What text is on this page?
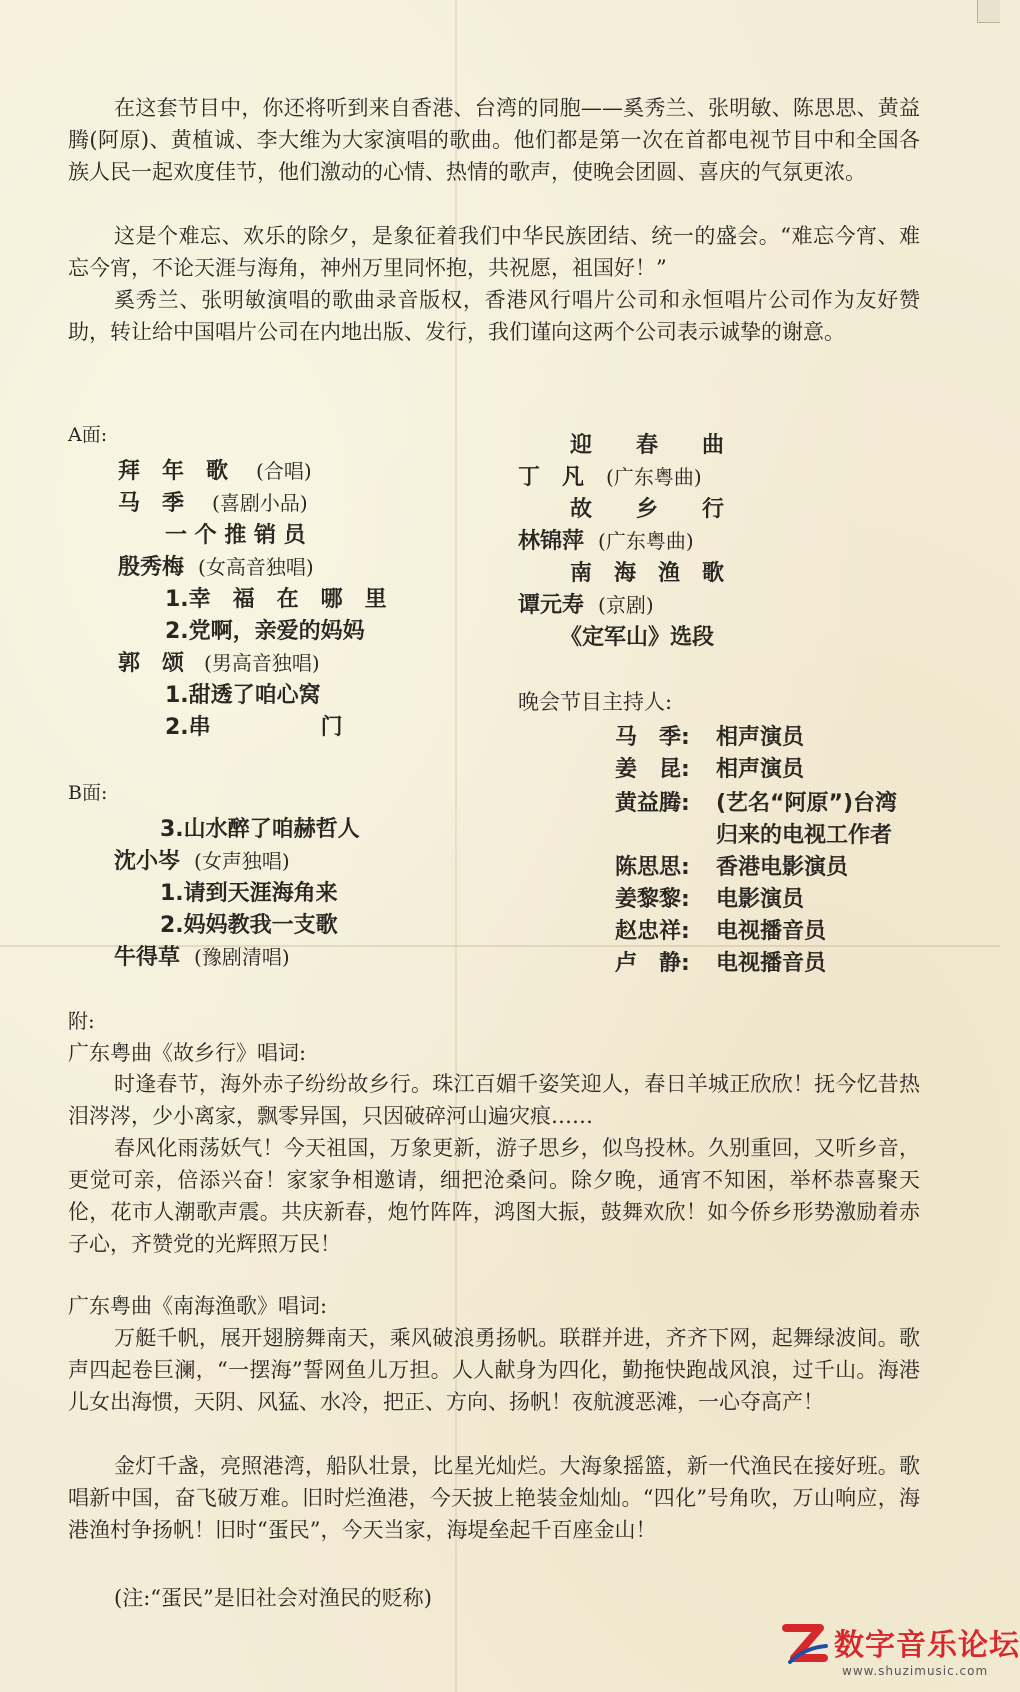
在这套节目中，你还将听到来自香港、台湾的同胞——奚秀兰、张明敏、陈思思、黄益腾(阿原)、黄植诚、李大维为大家演唱的歌曲。他们都是第一次在首都电视节目中和全国各族人民一起欢度佳节，他们激动的心情、热情的歌声，使晚会团圆、喜庆的气氛更浓。

这是个难忘、欢乐的除夕，是象征着我们中华民族团结、统一的盛会。“难忘今宵、难忘今宵，不论天涯与海角，神州万里同怀抱，共祝愿，祖国好！”

奚秀兰、张明敏演唱的歌曲录音版权，香港风行唱片公司和永恒唱片公司作为友好赞助，转让给中国唱片公司在内地出版、发行，我们谨向这两个公司表示诚挚的谢意。

A面:

拜　年　歌 (合唱)

马　季 (喜剧小品)

一 个 推 销 员

殷秀梅 (女高音独唱)

1.幸　福　在　哪　里

2.党啊，亲爱的妈妈

郭　颂 (男高音独唱)

1.甜透了咱心窝

2.串　　　　　门

迎　　春　　曲

丁　凡 (广东粤曲)

故　　乡　　行

林锦萍 (广东粤曲)

南　海　渔　歌

谭元寿 (京剧)

《定军山》选段

晚会节目主持人:

马　季: 相声演员

姜　昆: 相声演员

黄益腾: (艺名“阿原”)台湾

归来的电视工作者

陈思思: 香港电影演员

姜黎黎: 电影演员

赵忠祥: 电视播音员

卢　静: 电视播音员

B面:

3.山水醉了咱赫哲人

沈小岑 (女声独唱)

1.请到天涯海角来

2.妈妈教我一支歌

牛得草 (豫剧清唱)

附:

广东粤曲《故乡行》唱词:

时逢春节，海外赤子纷纷故乡行。珠江百媚千姿笑迎人，春日羊城正欣欣！抚今忆昔热泪涔涔，少小离家，飘零异国，只因破碎河山遍灾痕……

春风化雨荡妖气！今天祖国，万象更新，游子思乡，似鸟投林。久别重回，又听乡音，更觉可亲，倍添兴奋！家家争相邀请，细把沧桑问。除夕晚，通宵不知困，举杯恭喜聚天伦，花市人潮歌声震。共庆新春，炮竹阵阵，鸿图大振，鼓舞欢欣！如今侨乡形势激励着赤子心，齐赞党的光辉照万民！

广东粤曲《南海渔歌》唱词:

万艇千帆，展开翅膀舞南天，乘风破浪勇扬帆。联群并进，齐齐下网，起舞绿波间。歌声四起卷巨澜，“一摆海”誓网鱼儿万担。人人献身为四化，勤拖快跑战风浪，过千山。海港儿女出海惯，天阴、风猛、水冷，把正、方向、扬帆！夜航渡恶滩，一心夺高产！

金灯千盏，亮照港湾，船队壮景，比星光灿烂。大海象摇篮，新一代渔民在接好班。歌唱新中国，奋飞破万难。旧时烂渔港，今天披上艳装金灿灿。“四化”号角吹，万山响应，海港渔村争扬帆！旧时“蛋民”，今天当家，海堤垒起千百座金山！

(注:“蛋民”是旧社会对渔民的贬称)

数字音乐论坛
www.shuzimusic.com
